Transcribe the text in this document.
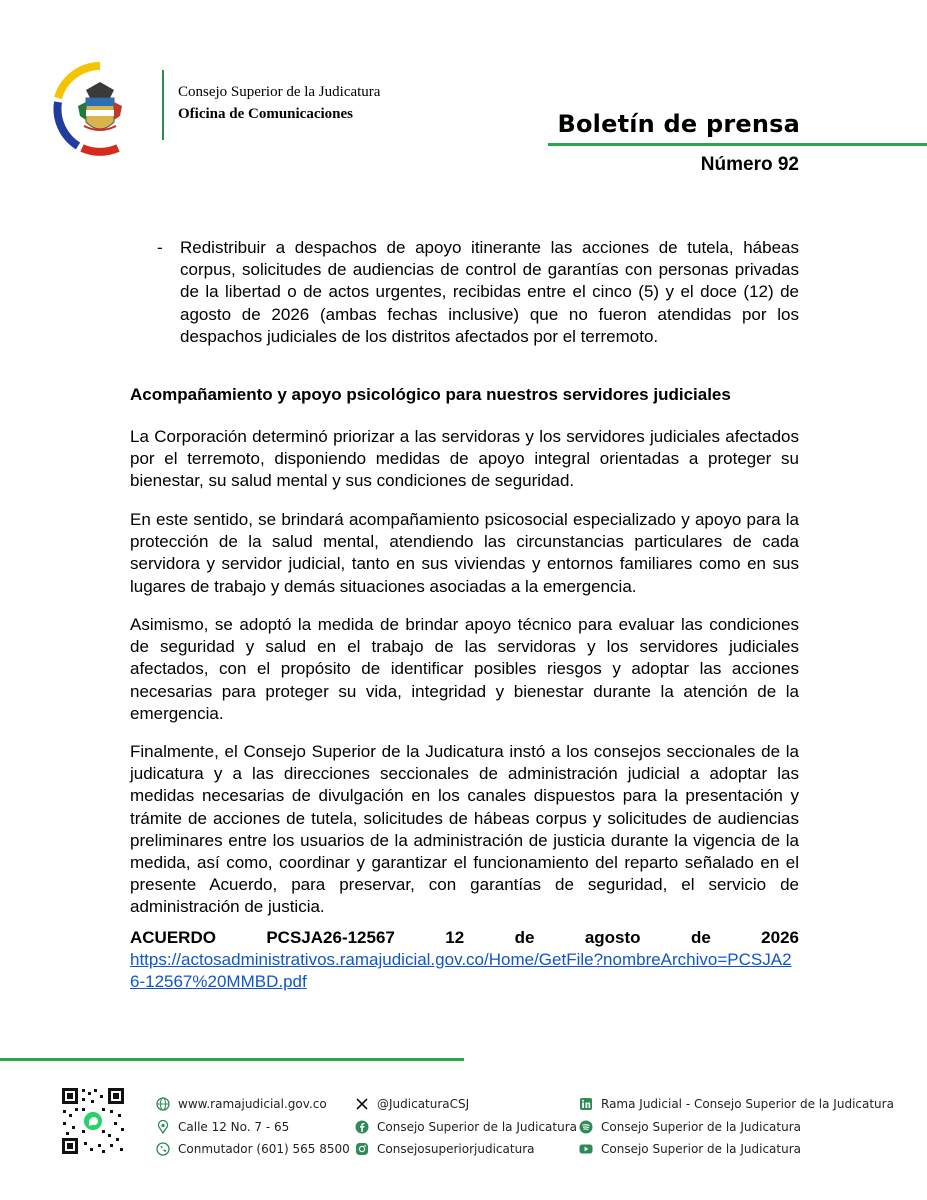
Consejo Superior de la Judicatura
Oficina de Comunicaciones	Boletín de prensa
Número 92
- Redistribuir a despachos de apoyo itinerante las acciones de tutela, hábeas corpus, solicitudes de audiencias de control de garantías con personas privadas de la libertad o de actos urgentes, recibidas entre el cinco (5) y el doce (12) de agosto de 2026 (ambas fechas inclusive) que no fueron atendidas por los despachos judiciales de los distritos afectados por el terremoto.
Acompañamiento y apoyo psicológico para nuestros servidores judiciales

La Corporación determinó priorizar a las servidoras y los servidores judiciales afectados por el terremoto, disponiendo medidas de apoyo integral orientadas a proteger su bienestar, su salud mental y sus condiciones de seguridad.

En este sentido, se brindará acompañamiento psicosocial especializado y apoyo para la protección de la salud mental, atendiendo las circunstancias particulares de cada servidora y servidor judicial, tanto en sus viviendas y entornos familiares como en sus lugares de trabajo y demás situaciones asociadas a la emergencia.

Asimismo, se adoptó la medida de brindar apoyo técnico para evaluar las condiciones de seguridad y salud en el trabajo de las servidoras y los servidores judiciales afectados, con el propósito de identificar posibles riesgos y adoptar las acciones necesarias para proteger su vida, integridad y bienestar durante la atención de la emergencia.

Finalmente, el Consejo Superior de la Judicatura instó a los consejos seccionales de la judicatura y a las direcciones seccionales de administración judicial a adoptar las medidas necesarias de divulgación en los canales dispuestos para la presentación y trámite de acciones de tutela, solicitudes de hábeas corpus y solicitudes de audiencias preliminares entre los usuarios de la administración de justicia durante la vigencia de la medida, así como, coordinar y garantizar el funcionamiento del reparto señalado en el presente Acuerdo, para preservar, con garantías de seguridad, el servicio de administración de justicia.

ACUERDO	PCSJA26-12567	12	de	agosto	de	2026
https://actosadministrativos.ramajudicial.gov.co/Home/GetFile?nombreArchivo=PCSJA26-12567%20MMBD.pdf
www.ramajudicial.gov.co
Calle 12 No. 7 - 65
Conmutador (601) 565 8500
@JudicaturaCSJ
Consejo Superior de la Judicatura
Consejosuperiorjudicatura
Rama Judicial - Consejo Superior de la Judicatura
Consejo Superior de la Judicatura
Consejo Superior de la Judicatura
